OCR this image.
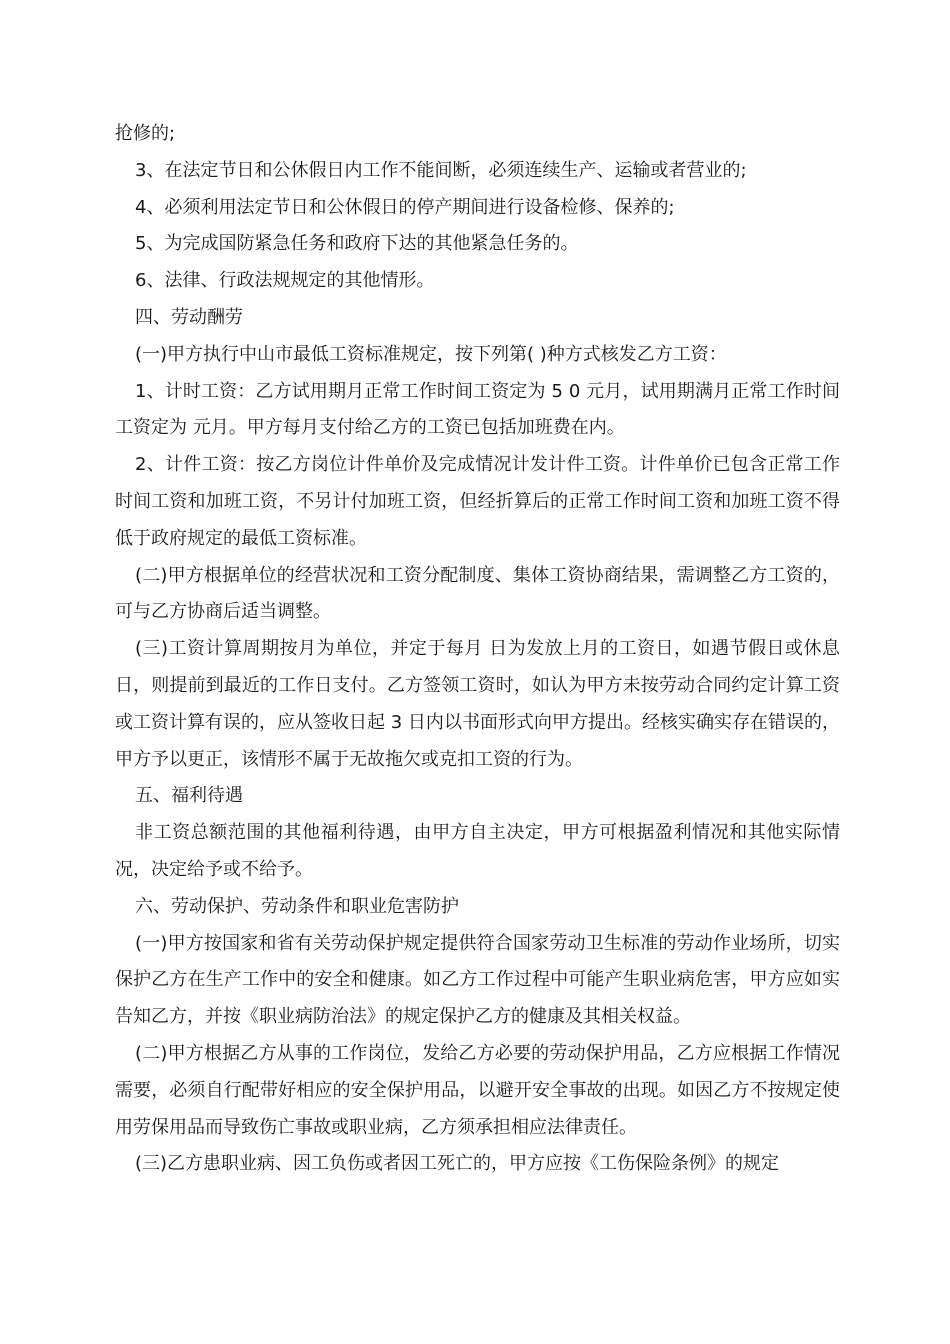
抢修的;

3、在法定节日和公休假日内工作不能间断，必须连续生产、运输或者营业的;

4、必须利用法定节日和公休假日的停产期间进行设备检修、保养的;

5、为完成国防紧急任务和政府下达的其他紧急任务的。

6、法律、行政法规规定的其他情形。

四、劳动酬劳

(一)甲方执行中山市最低工资标准规定，按下列第( )种方式核发乙方工资：

1、计时工资：乙方试用期月正常工作时间工资定为 5 0 元月，试用期满月正常工作时间工资定为 元月。甲方每月支付给乙方的工资已包括加班费在内。

2、计件工资：按乙方岗位计件单价及完成情况计发计件工资。计件单价已包含正常工作时间工资和加班工资，不另计付加班工资，但经折算后的正常工作时间工资和加班工资不得低于政府规定的最低工资标准。

(二)甲方根据单位的经营状况和工资分配制度、集体工资协商结果，需调整乙方工资的，可与乙方协商后适当调整。

(三)工资计算周期按月为单位，并定于每月 日为发放上月的工资日，如遇节假日或休息日，则提前到最近的工作日支付。乙方签领工资时，如认为甲方未按劳动合同约定计算工资或工资计算有误的，应从签收日起 3 日内以书面形式向甲方提出。经核实确实存在错误的，甲方予以更正，该情形不属于无故拖欠或克扣工资的行为。

五、福利待遇

非工资总额范围的其他福利待遇，由甲方自主决定，甲方可根据盈利情况和其他实际情况，决定给予或不给予。

六、劳动保护、劳动条件和职业危害防护

(一)甲方按国家和省有关劳动保护规定提供符合国家劳动卫生标准的劳动作业场所，切实保护乙方在生产工作中的安全和健康。如乙方工作过程中可能产生职业病危害，甲方应如实告知乙方，并按《职业病防治法》的规定保护乙方的健康及其相关权益。

(二)甲方根据乙方从事的工作岗位，发给乙方必要的劳动保护用品，乙方应根据工作情况需要，必须自行配带好相应的安全保护用品，以避开安全事故的出现。如因乙方不按规定使用劳保用品而导致伤亡事故或职业病，乙方须承担相应法律责任。

(三)乙方患职业病、因工负伤或者因工死亡的，甲方应按《工伤保险条例》的规定
